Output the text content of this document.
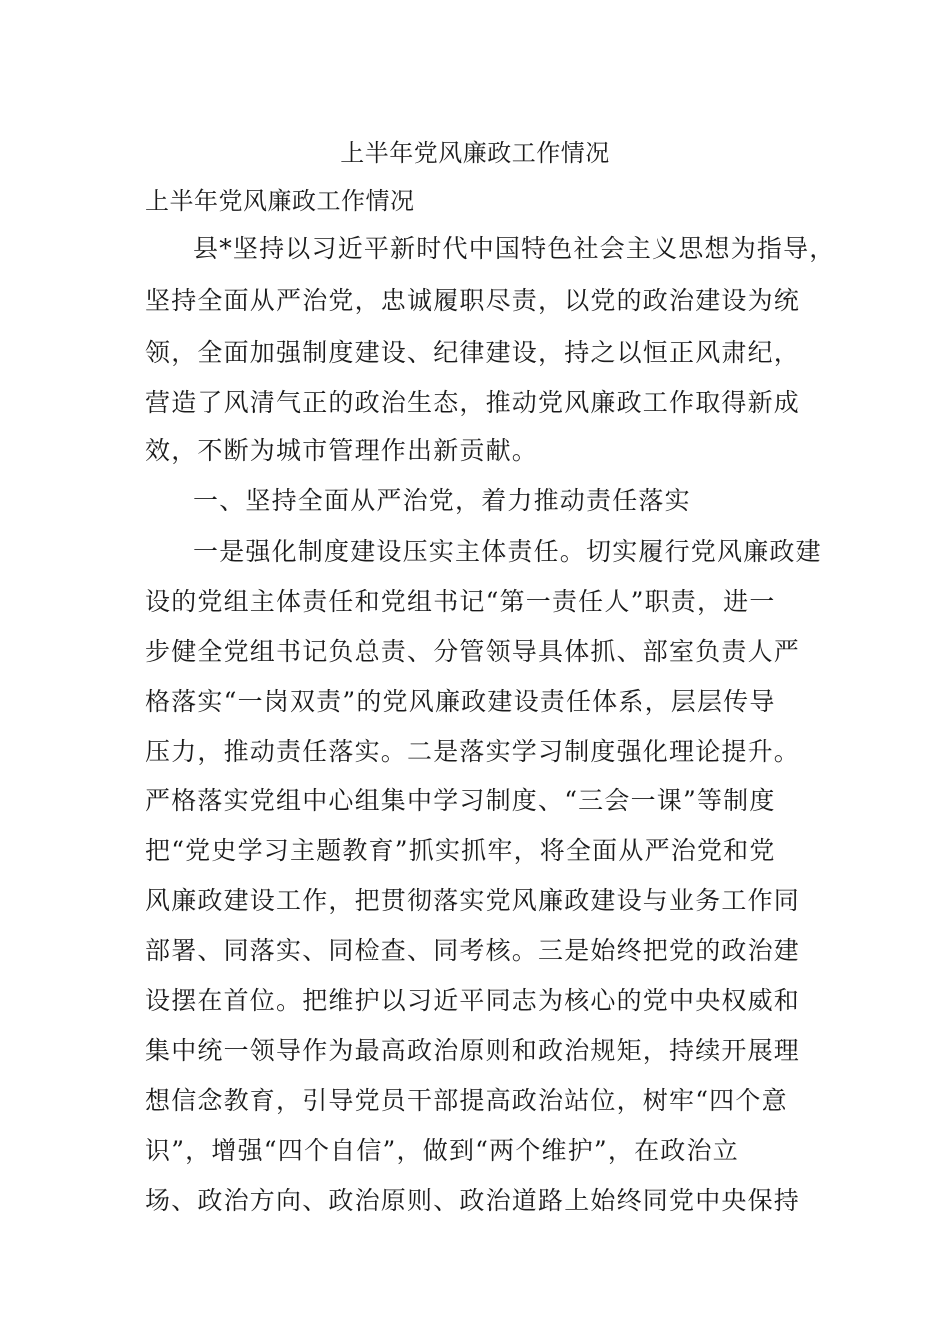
上半年党风廉政工作情况
上半年党风廉政工作情况
县*坚持以习近平新时代中国特色社会主义思想为指导，
坚持全面从严治党，忠诚履职尽责，以党的政治建设为统
领，全面加强制度建设、纪律建设，持之以恒正风肃纪，
营造了风清气正的政治生态，推动党风廉政工作取得新成
效，不断为城市管理作出新贡献。
一、坚持全面从严治党，着力推动责任落实
一是强化制度建设压实主体责任。切实履行党风廉政建
设的党组主体责任和党组书记“第一责任人”职责，进一
步健全党组书记负总责、分管领导具体抓、部室负责人严
格落实“一岗双责”的党风廉政建设责任体系，层层传导
压力，推动责任落实。二是落实学习制度强化理论提升。
严格落实党组中心组集中学习制度、“三会一课”等制度
把“党史学习主题教育”抓实抓牢，将全面从严治党和党
风廉政建设工作，把贯彻落实党风廉政建设与业务工作同
部署、同落实、同检查、同考核。三是始终把党的政治建
设摆在首位。把维护以习近平同志为核心的党中央权威和
集中统一领导作为最高政治原则和政治规矩，持续开展理
想信念教育，引导党员干部提高政治站位，树牢“四个意
识”，增强“四个自信”，做到“两个维护”，在政治立
场、政治方向、政治原则、政治道路上始终同党中央保持
